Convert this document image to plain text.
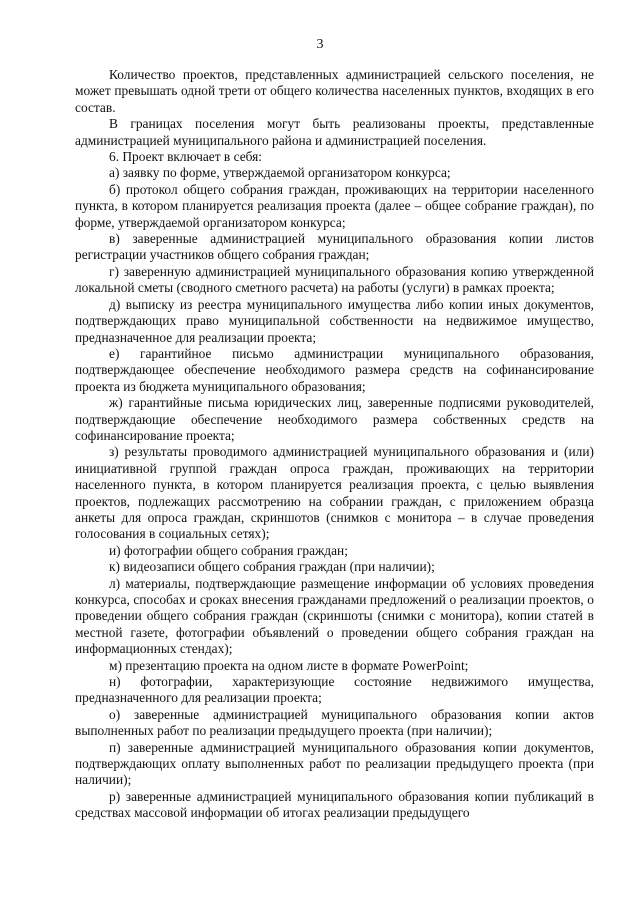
3

Количество проектов, представленных администрацией сельского поселения, не может превышать одной трети от общего количества населенных пунктов, входящих в его состав.

В границах поселения могут быть реализованы проекты, представленные администрацией муниципального района и администрацией поселения.

6. Проект включает в себя:

а) заявку по форме, утверждаемой организатором конкурса;

б) протокол общего собрания граждан, проживающих на территории населенного пункта, в котором планируется реализация проекта (далее – общее собрание граждан), по форме, утверждаемой организатором конкурса;

в) заверенные администрацией муниципального образования копии листов регистрации участников общего собрания граждан;

г) заверенную администрацией муниципального образования копию утвержденной локальной сметы (сводного сметного расчета) на работы (услуги) в рамках проекта;

д) выписку из реестра муниципального имущества либо копии иных документов, подтверждающих право муниципальной собственности на недвижимое имущество, предназначенное для реализации проекта;

е) гарантийное письмо администрации муниципального образования, подтверждающее обеспечение необходимого размера средств на софинансирование проекта из бюджета муниципального образования;

ж) гарантийные письма юридических лиц, заверенные подписями руководителей, подтверждающие обеспечение необходимого размера собственных средств на софинансирование проекта;

з) результаты проводимого администрацией муниципального образования и (или) инициативной группой граждан опроса граждан, проживающих на территории населенного пункта, в котором планируется реализация проекта, с целью выявления проектов, подлежащих рассмотрению на собрании граждан, с приложением образца анкеты для опроса граждан, скриншотов (снимков с монитора – в случае проведения голосования в социальных сетях);

и) фотографии общего собрания граждан;

к) видеозаписи общего собрания граждан (при наличии);

л) материалы, подтверждающие размещение информации об условиях проведения конкурса, способах и сроках внесения гражданами предложений о реализации проектов, о проведении общего собрания граждан (скриншоты (снимки с монитора), копии статей в местной газете, фотографии объявлений о проведении общего собрания граждан на информационных стендах);

м) презентацию проекта на одном листе в формате PowerPoint;

н) фотографии, характеризующие состояние недвижимого имущества, предназначенного для реализации проекта;

о) заверенные администрацией муниципального образования копии актов выполненных работ по реализации предыдущего проекта (при наличии);

п) заверенные администрацией муниципального образования копии документов, подтверждающих оплату выполненных работ по реализации предыдущего проекта (при наличии);

р) заверенные администрацией муниципального образования копии публикаций в средствах массовой информации об итогах реализации предыдущего
